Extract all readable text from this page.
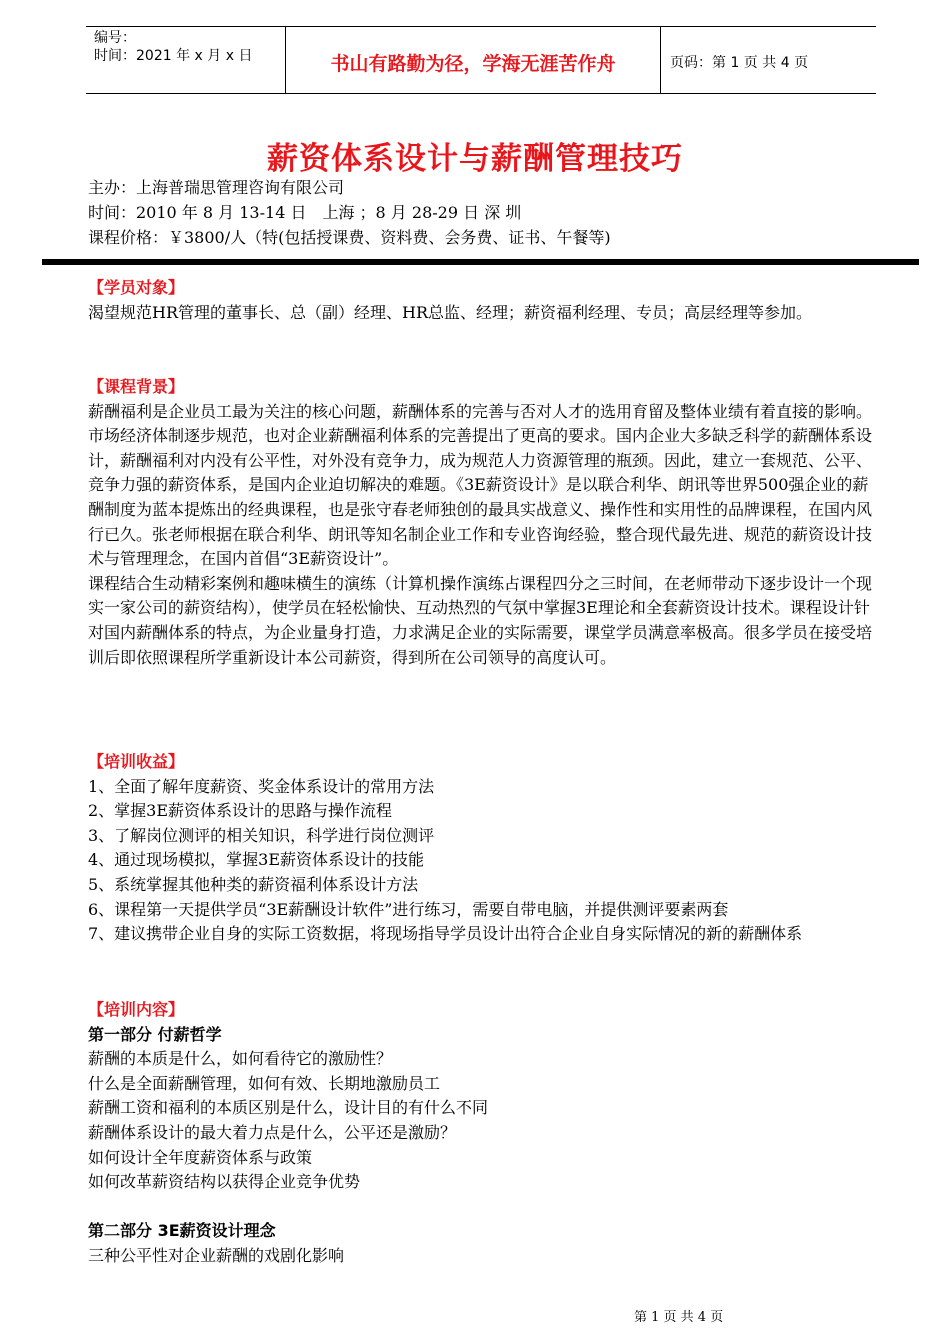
编号：
时间：2021 年 x 月 x 日	书山有路勤为径，学海无涯苦作舟	页码：第 1 页 共 4 页
薪资体系设计与薪酬管理技巧
主办：上海普瑞思管理咨询有限公司
时间：2010 年 8 月 13-14 日　上海 ；8 月 28-29 日 深 圳
课程价格：￥3800/人（特(包括授课费、资料费、会务费、证书、午餐等)
【学员对象】

渴望规范HR管理的董事长、总（副）经理、HR总监、经理；薪资福利经理、专员；高层经理等参加。

【课程背景】

薪酬福利是企业员工最为关注的核心问题，薪酬体系的完善与否对人才的选用育留及整体业绩有着直接的影响。市场经济体制逐步规范，也对企业薪酬福利体系的完善提出了更高的要求。国内企业大多缺乏科学的薪酬体系设计，薪酬福利对内没有公平性，对外没有竞争力，成为规范人力资源管理的瓶颈。因此，建立一套规范、公平、竞争力强的薪资体系，是国内企业迫切解决的难题。《3E薪资设计》是以联合利华、朗讯等世界500强企业的薪酬制度为蓝本提炼出的经典课程，也是张守春老师独创的最具实战意义、操作性和实用性的品牌课程，在国内风行已久。张老师根据在联合利华、朗讯等知名制企业工作和专业咨询经验，整合现代最先进、规范的薪资设计技术与管理理念，在国内首倡“3E薪资设计”。

课程结合生动精彩案例和趣味横生的演练（计算机操作演练占课程四分之三时间，在老师带动下逐步设计一个现实一家公司的薪资结构），使学员在轻松愉快、互动热烈的气氛中掌握3E理论和全套薪资设计技术。课程设计针对国内薪酬体系的特点，为企业量身打造，力求满足企业的实际需要，课堂学员满意率极高。很多学员在接受培训后即依照课程所学重新设计本公司薪资，得到所在公司领导的高度认可。

【培训收益】
1、全面了解年度薪资、奖金体系设计的常用方法
2、掌握3E薪资体系设计的思路与操作流程
3、了解岗位测评的相关知识，科学进行岗位测评
4、通过现场模拟，掌握3E薪资体系设计的技能
5、系统掌握其他种类的薪资福利体系设计方法
6、课程第一天提供学员“3E薪酬设计软件”进行练习，需要自带电脑，并提供测评要素两套
7、建议携带企业自身的实际工资数据，将现场指导学员设计出符合企业自身实际情况的新的薪酬体系
【培训内容】
第一部分 付薪哲学
薪酬的本质是什么，如何看待它的激励性？
什么是全面薪酬管理，如何有效、长期地激励员工
薪酬工资和福利的本质区别是什么，设计目的有什么不同
薪酬体系设计的最大着力点是什么，公平还是激励？
如何设计全年度薪资体系与政策
如何改革薪资结构以获得企业竞争优势
第二部分 3E薪资设计理念
三种公平性对企业薪酬的戏剧化影响
第 1 页 共 4 页
